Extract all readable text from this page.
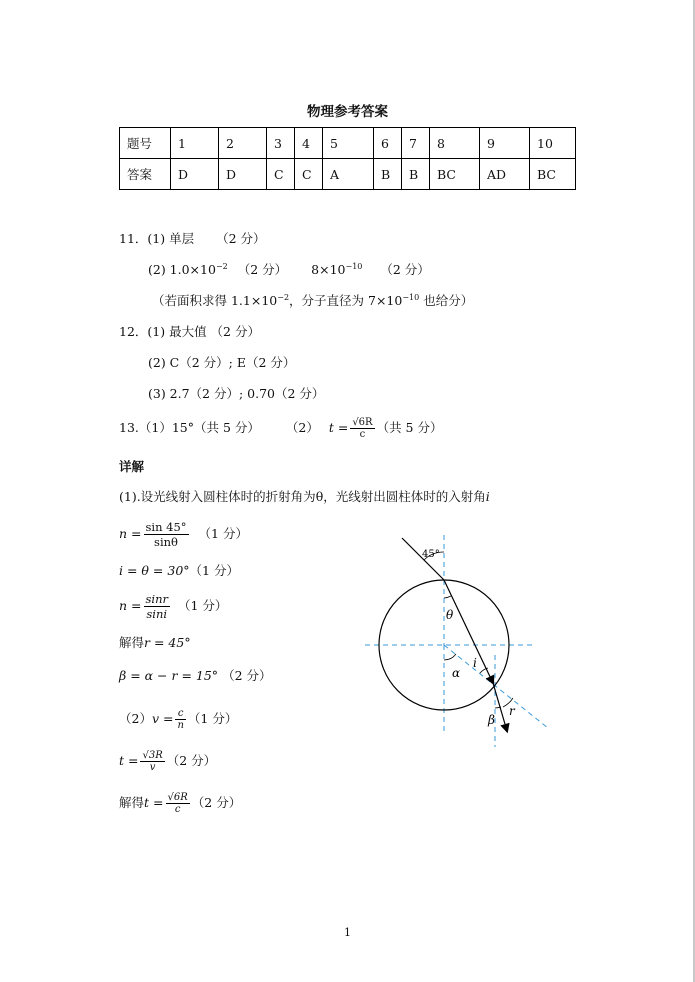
物理参考答案
题号	1	2	3	4	5	6	7	8	9	10
答案	D	D	C	C	A	B	B	BC	AD	BC
11．(1) 单层 （2 分）
(2) $1.0\times 10^{-2}$ （2 分） $8\times 10^{-10}$ （2 分）
（若面积求得 $1.1\times 10^{-2}$，分子直径为 $7\times 10^{-10}$ 也给分）
12．(1) 最大值 （2 分）
(2) C（2 分）; E（2 分）
(3) 2.7（2 分）; 0.70（2 分）
13.（1）15°（共 5 分） （2） $t = \frac{√6R}{c}$ （共 5 分）
详解
(1).设光线射入圆柱体时的折射角为θ，光线射出圆柱体时的入射角i
$n = \frac{\sin 45^\circ}{\sin\theta} (1$ 分）
i = θ = 30°（1 分）
$n = \frac{\sin r}{\sin i} (1$ 分）
解得r = 45°
β = α − r = 15° （2 分）
$(2)v = \frac{c}{n} (1$ 分）
$t = \frac{√3R}{v} (2$ 分）
解得$t = \frac{√6R}{c} (2$ 分）
45°
θ
i
α
β
r
1
